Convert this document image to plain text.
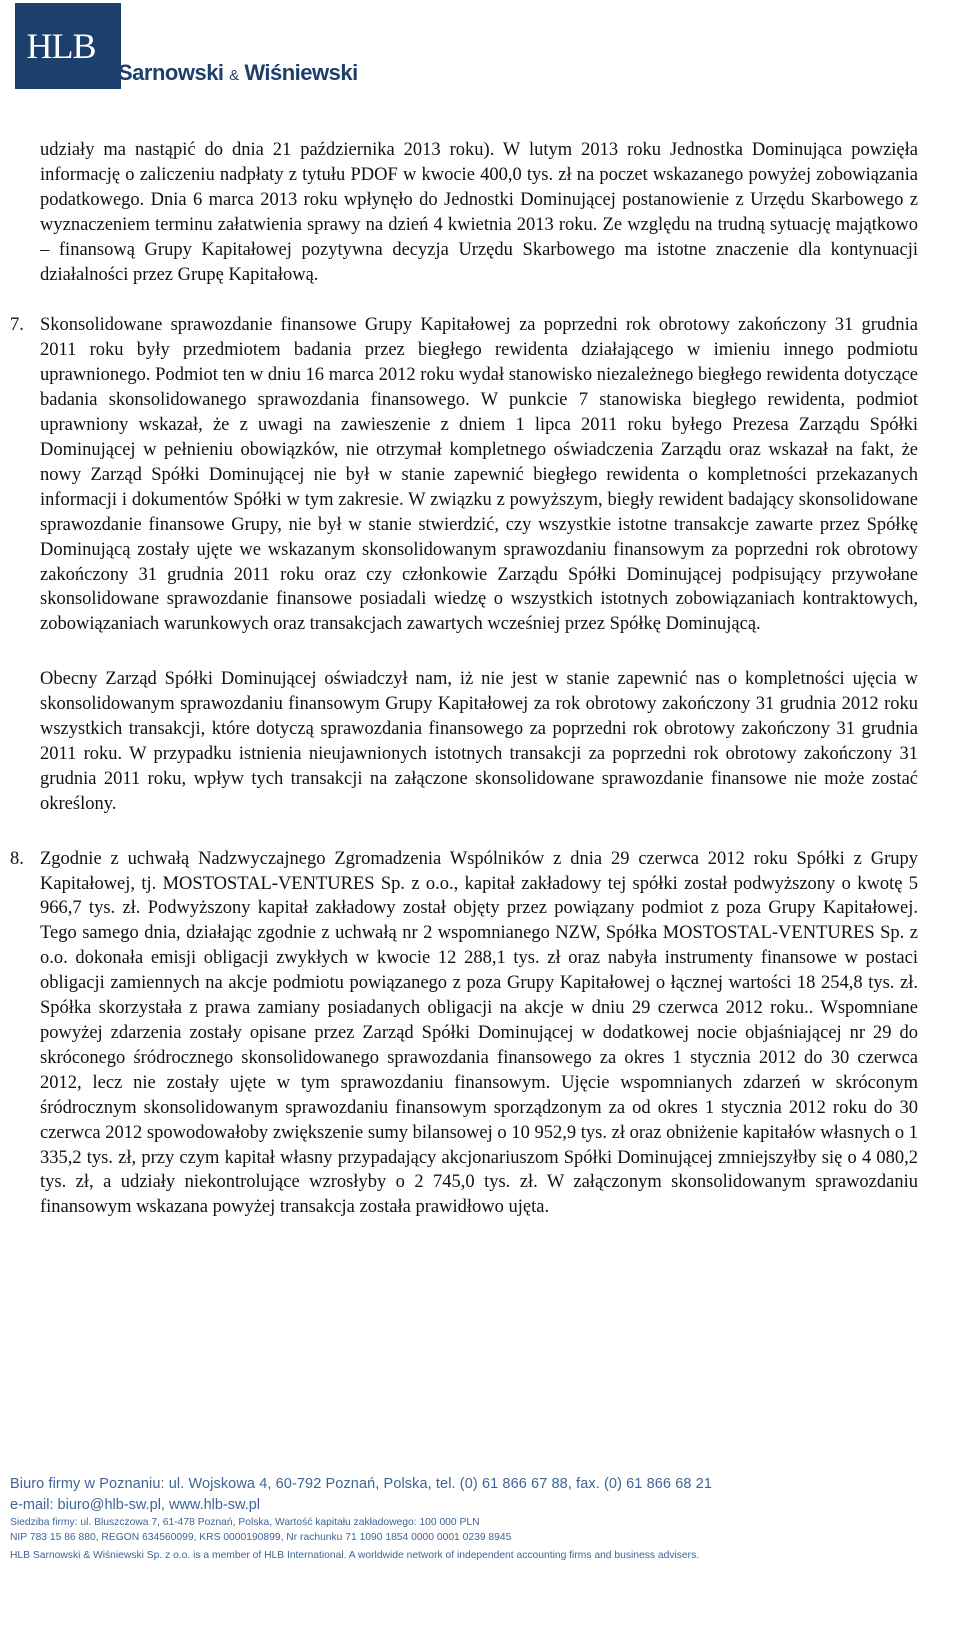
HLB
Sarnowski & Wiśniewski

udziały ma nastąpić do dnia 21 października 2013 roku). W lutym 2013 roku Jednostka Dominująca powzięła informację o zaliczeniu nadpłaty z tytułu PDOF w kwocie 400,0 tys. zł na poczet wskazanego powyżej zobowiązania podatkowego. Dnia 6 marca 2013 roku wpłynęło do Jednostki Dominującej postanowienie z Urzędu Skarbowego z wyznaczeniem terminu załatwienia sprawy na dzień 4 kwietnia 2013 roku. Ze względu na trudną sytuację majątkowo – finansową Grupy Kapitałowej pozytywna decyzja Urzędu Skarbowego ma istotne znaczenie dla kontynuacji działalności przez Grupę Kapitałową.

7. Skonsolidowane sprawozdanie finansowe Grupy Kapitałowej za poprzedni rok obrotowy zakończony 31 grudnia 2011 roku były przedmiotem badania przez biegłego rewidenta działającego w imieniu innego podmiotu uprawnionego. Podmiot ten w dniu 16 marca 2012 roku wydał stanowisko niezależnego biegłego rewidenta dotyczące badania skonsolidowanego sprawozdania finansowego. W punkcie 7 stanowiska biegłego rewidenta, podmiot uprawniony wskazał, że z uwagi na zawieszenie z dniem 1 lipca 2011 roku byłego Prezesa Zarządu Spółki Dominującej w pełnieniu obowiązków, nie otrzymał kompletnego oświadczenia Zarządu oraz wskazał na fakt, że nowy Zarząd Spółki Dominującej nie był w stanie zapewnić biegłego rewidenta o kompletności przekazanych informacji i dokumentów Spółki w tym zakresie. W związku z powyższym, biegły rewident badający skonsolidowane sprawozdanie finansowe Grupy, nie był w stanie stwierdzić, czy wszystkie istotne transakcje zawarte przez Spółkę Dominującą zostały ujęte we wskazanym skonsolidowanym sprawozdaniu finansowym za poprzedni rok obrotowy zakończony 31 grudnia 2011 roku oraz czy członkowie Zarządu Spółki Dominującej podpisujący przywołane skonsolidowane sprawozdanie finansowe posiadali wiedzę o wszystkich istotnych zobowiązaniach kontraktowych, zobowiązaniach warunkowych oraz transakcjach zawartych wcześniej przez Spółkę Dominującą.

Obecny Zarząd Spółki Dominującej oświadczył nam, iż nie jest w stanie zapewnić nas o kompletności ujęcia w skonsolidowanym sprawozdaniu finansowym Grupy Kapitałowej za rok obrotowy zakończony 31 grudnia 2012 roku wszystkich transakcji, które dotyczą sprawozdania finansowego za poprzedni rok obrotowy zakończony 31 grudnia 2011 roku. W przypadku istnienia nieujawnionych istotnych transakcji za poprzedni rok obrotowy zakończony 31 grudnia 2011 roku, wpływ tych transakcji na załączone skonsolidowane sprawozdanie finansowe nie może zostać określony.

8. Zgodnie z uchwałą Nadzwyczajnego Zgromadzenia Wspólników z dnia 29 czerwca 2012 roku Spółki z Grupy Kapitałowej, tj. MOSTOSTAL-VENTURES Sp. z o.o., kapitał zakładowy tej spółki został podwyższony o kwotę 5 966,7 tys. zł. Podwyższony kapitał zakładowy został objęty przez powiązany podmiot z poza Grupy Kapitałowej. Tego samego dnia, działając zgodnie z uchwałą nr 2 wspomnianego NZW, Spółka MOSTOSTAL-VENTURES Sp. z o.o. dokonała emisji obligacji zwykłych w kwocie 12 288,1 tys. zł oraz nabyła instrumenty finansowe w postaci obligacji zamiennych na akcje podmiotu powiązanego z poza Grupy Kapitałowej o łącznej wartości 18 254,8 tys. zł. Spółka skorzystała z prawa zamiany posiadanych obligacji na akcje w dniu 29 czerwca 2012 roku.. Wspomniane powyżej zdarzenia zostały opisane przez Zarząd Spółki Dominującej w dodatkowej nocie objaśniającej nr 29 do skróconego śródrocznego skonsolidowanego sprawozdania finansowego za okres 1 stycznia 2012 do 30 czerwca 2012, lecz nie zostały ujęte w tym sprawozdaniu finansowym. Ujęcie wspomnianych zdarzeń w skróconym śródrocznym skonsolidowanym sprawozdaniu finansowym sporządzonym za od okres 1 stycznia 2012 roku do 30 czerwca 2012 spowodowałoby zwiększenie sumy bilansowej o 10 952,9 tys. zł oraz obniżenie kapitałów własnych o 1 335,2 tys. zł, przy czym kapitał własny przypadający akcjonariuszom Spółki Dominującej zmniejszyłby się o 4 080,2 tys. zł, a udziały niekontrolujące wzrosłyby o 2 745,0 tys. zł. W załączonym skonsolidowanym sprawozdaniu finansowym wskazana powyżej transakcja została prawidłowo ujęta.

Biuro firmy w Poznaniu: ul. Wojskowa 4, 60-792 Poznań, Polska, tel. (0) 61 866 67 88, fax. (0) 61 866 68 21
e-mail: biuro@hlb-sw.pl, www.hlb-sw.pl
Siedziba firmy: ul. Bluszczowa 7, 61-478 Poznań, Polska, Wartość kapitału zakładowego: 100 000 PLN
NIP 783 15 86 880, REGON 634560099, KRS 0000190899, Nr rachunku 71 1090 1854 0000 0001 0239 8945
HLB Sarnowski & Wiśniewski Sp. z o.o. is a member of HLB International. A worldwide network of independent accounting firms and business advisers.
